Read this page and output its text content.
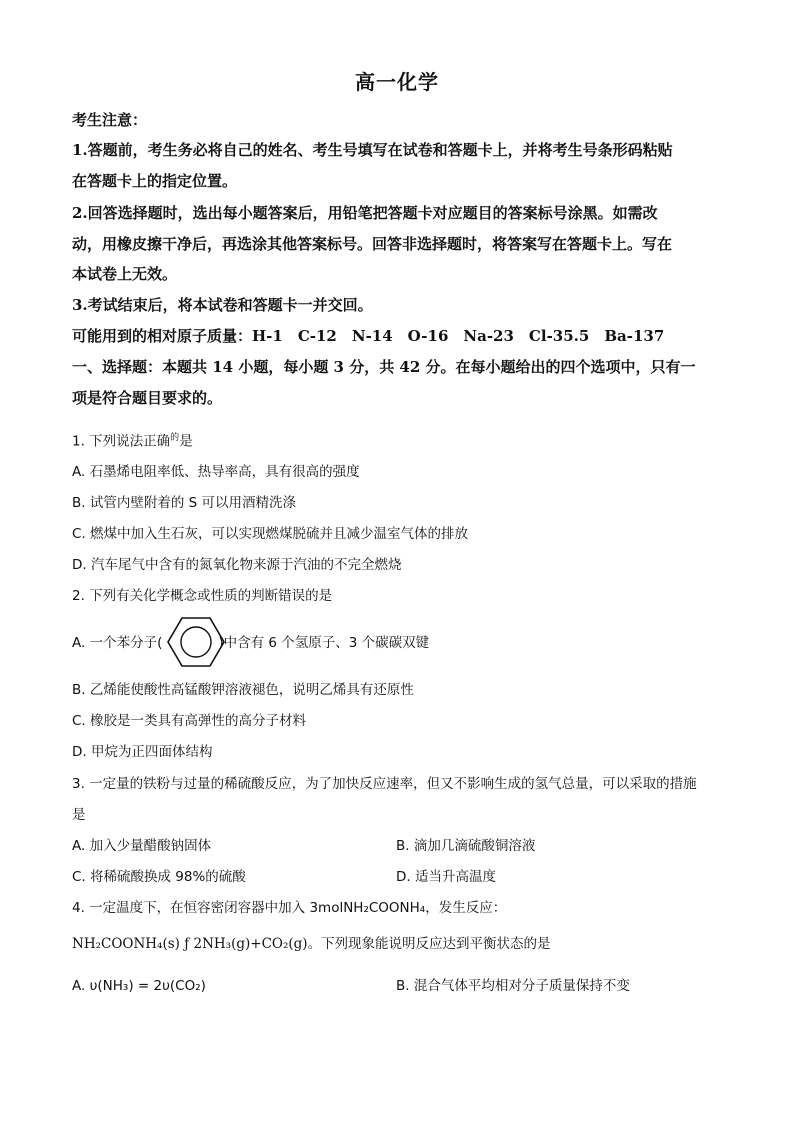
高一化学
考生注意：
1.答题前，考生务必将自己的姓名、考生号填写在试卷和答题卡上，并将考生号条形码粘贴
在答题卡上的指定位置。
2.回答选择题时，选出每小题答案后，用铅笔把答题卡对应题目的答案标号涂黑。如需改
动，用橡皮擦干净后，再选涂其他答案标号。回答非选择题时，将答案写在答题卡上。写在
本试卷上无效。
3.考试结束后，将本试卷和答题卡一并交回。
可能用到的相对原子质量：H-1　C-12　N-14　O-16　Na-23　Cl-35.5　Ba-137
一、选择题：本题共 14 小题，每小题 3 分，共 42 分。在每小题给出的四个选项中，只有一
项是符合题目要求的。
1. 下列说法正确$^的$是
A. 石墨烯电阻率低、热导率高，具有很高的强度
B. 试管内壁附着的 S 可以用酒精洗涤
C. 燃煤中加入生石灰，可以实现燃煤脱硫并且减少温室气体的排放
D. 汽车尾气中含有的氮氧化物来源于汽油的不完全燃烧
2. 下列有关化学概念或性质的判断错误的是
A. 一个苯分子(	)中含有 6 个氢原子、3 个碳碳双键
B. 乙烯能使酸性高锰酸钾溶液褪色，说明乙烯具有还原性
C. 橡胶是一类具有高弹性的高分子材料
D. 甲烷为正四面体结构
3. 一定量的铁粉与过量的稀硫酸反应，为了加快反应速率，但又不影响生成的氢气总量，可以采取的措施
是
A. 加入少量醋酸钠固体	B. 滴加几滴硫酸铜溶液
C. 将稀硫酸换成 98%的硫酸	D. 适当升高温度
4. 一定温度下，在恒容密闭容器中加入 3molNH₂COONH₄，发生反应：
NH₂COONH₄(s) ƒ 2NH₃(g)+CO₂(g)。下列现象能说明反应达到平衡状态的是
A. υ(NH₃) = 2υ(CO₂)	B. 混合气体平均相对分子质量保持不变
